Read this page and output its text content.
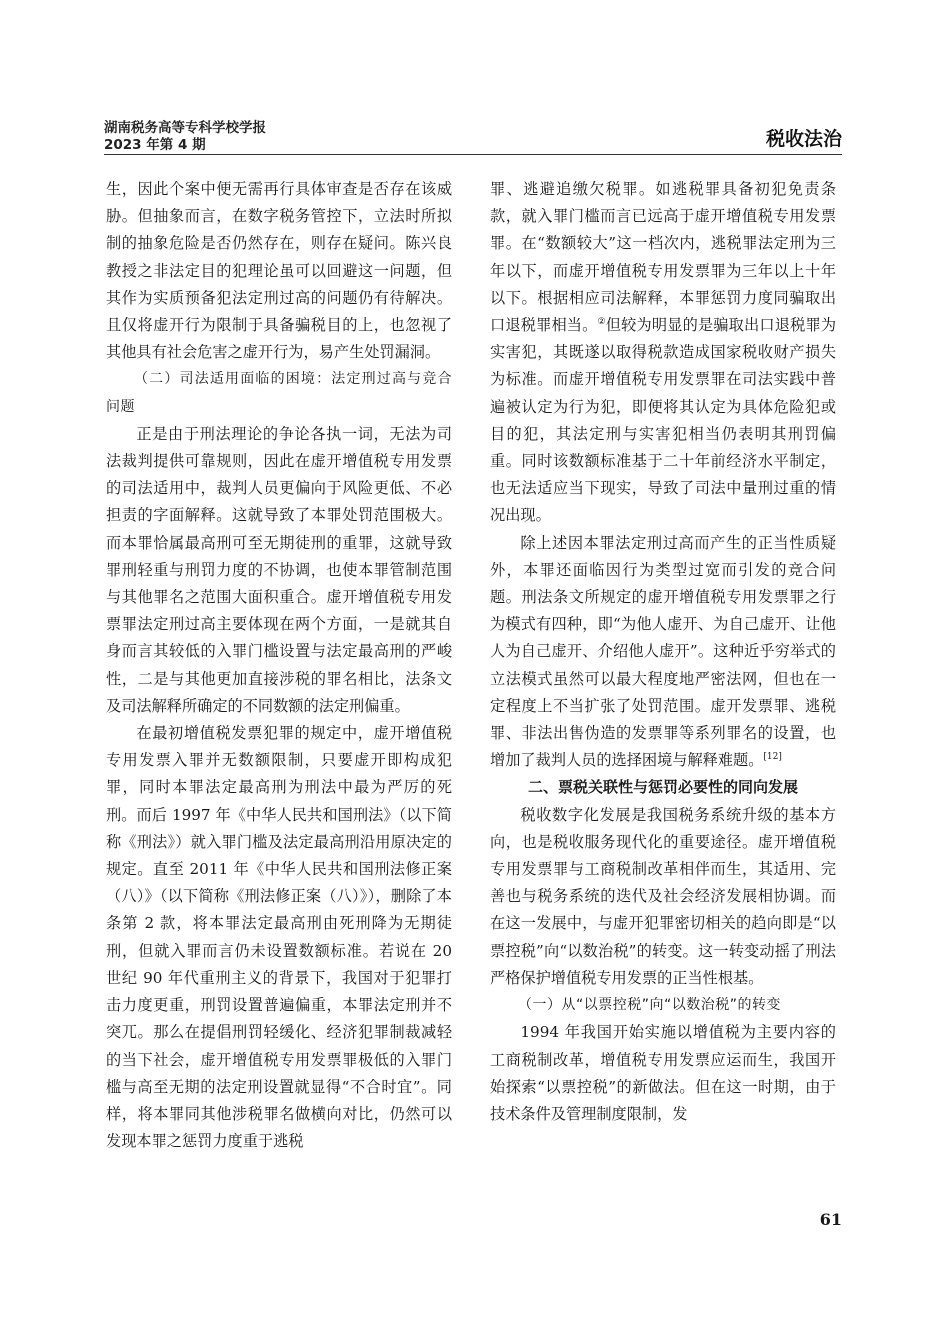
湖南税务高等专科学校学报
2023 年第 4 期	税收法治

生，因此个案中便无需再行具体审查是否存在该威胁。但抽象而言，在数字税务管控下，立法时所拟制的抽象危险是否仍然存在，则存在疑问。陈兴良教授之非法定目的犯理论虽可以回避这一问题，但其作为实质预备犯法定刑过高的问题仍有待解决。且仅将虚开行为限制于具备骗税目的上，也忽视了其他具有社会危害之虚开行为，易产生处罚漏洞。

（二）司法适用面临的困境：法定刑过高与竞合问题

正是由于刑法理论的争论各执一词，无法为司法裁判提供可靠规则，因此在虚开增值税专用发票的司法适用中，裁判人员更偏向于风险更低、不必担责的字面解释。这就导致了本罪处罚范围极大。而本罪恰属最高刑可至无期徒刑的重罪，这就导致罪刑轻重与刑罚力度的不协调，也使本罪管制范围与其他罪名之范围大面积重合。虚开增值税专用发票罪法定刑过高主要体现在两个方面，一是就其自身而言其较低的入罪门槛设置与法定最高刑的严峻性，二是与其他更加直接涉税的罪名相比，法条文及司法解释所确定的不同数额的法定刑偏重。

在最初增值税发票犯罪的规定中，虚开增值税专用发票入罪并无数额限制，只要虚开即构成犯罪，同时本罪法定最高刑为刑法中最为严厉的死刑。而后 1997 年《中华人民共和国刑法》（以下简称《刑法》）就入罪门槛及法定最高刑沿用原决定的规定。直至 2011 年《中华人民共和国刑法修正案（八）》（以下简称《刑法修正案（八）》），删除了本条第 2 款，将本罪法定最高刑由死刑降为无期徒刑，但就入罪而言仍未设置数额标准。若说在 20 世纪 90 年代重刑主义的背景下，我国对于犯罪打击力度更重，刑罚设置普遍偏重，本罪法定刑并不突兀。那么在提倡刑罚轻缓化、经济犯罪制裁减轻的当下社会，虚开增值税专用发票罪极低的入罪门槛与高至无期的法定刑设置就显得“不合时宜”。同样，将本罪同其他涉税罪名做横向对比，仍然可以发现本罪之惩罚力度重于逃税

罪、逃避追缴欠税罪。如逃税罪具备初犯免责条款，就入罪门槛而言已远高于虚开增值税专用发票罪。在“数额较大”这一档次内，逃税罪法定刑为三年以下，而虚开增值税专用发票罪为三年以上十年以下。根据相应司法解释，本罪惩罚力度同骗取出口退税罪相当。②但较为明显的是骗取出口退税罪为实害犯，其既遂以取得税款造成国家税收财产损失为标准。而虚开增值税专用发票罪在司法实践中普遍被认定为行为犯，即便将其认定为具体危险犯或目的犯，其法定刑与实害犯相当仍表明其刑罚偏重。同时该数额标准基于二十年前经济水平制定，也无法适应当下现实，导致了司法中量刑过重的情况出现。

除上述因本罪法定刑过高而产生的正当性质疑外，本罪还面临因行为类型过宽而引发的竞合问题。刑法条文所规定的虚开增值税专用发票罪之行为模式有四种，即“为他人虚开、为自己虚开、让他人为自己虚开、介绍他人虚开”。这种近乎穷举式的立法模式虽然可以最大程度地严密法网，但也在一定程度上不当扩张了处罚范围。虚开发票罪、逃税罪、非法出售伪造的发票罪等系列罪名的设置，也增加了裁判人员的选择困境与解释难题。[12]

二、票税关联性与惩罚必要性的同向发展

税收数字化发展是我国税务系统升级的基本方向，也是税收服务现代化的重要途径。虚开增值税专用发票罪与工商税制改革相伴而生，其适用、完善也与税务系统的迭代及社会经济发展相协调。而在这一发展中，与虚开犯罪密切相关的趋向即是“以票控税”向“以数治税”的转变。这一转变动摇了刑法严格保护增值税专用发票的正当性根基。

（一）从“以票控税”向“以数治税”的转变

1994 年我国开始实施以增值税为主要内容的工商税制改革，增值税专用发票应运而生，我国开始探索“以票控税”的新做法。但在这一时期，由于技术条件及管理制度限制，发

61
